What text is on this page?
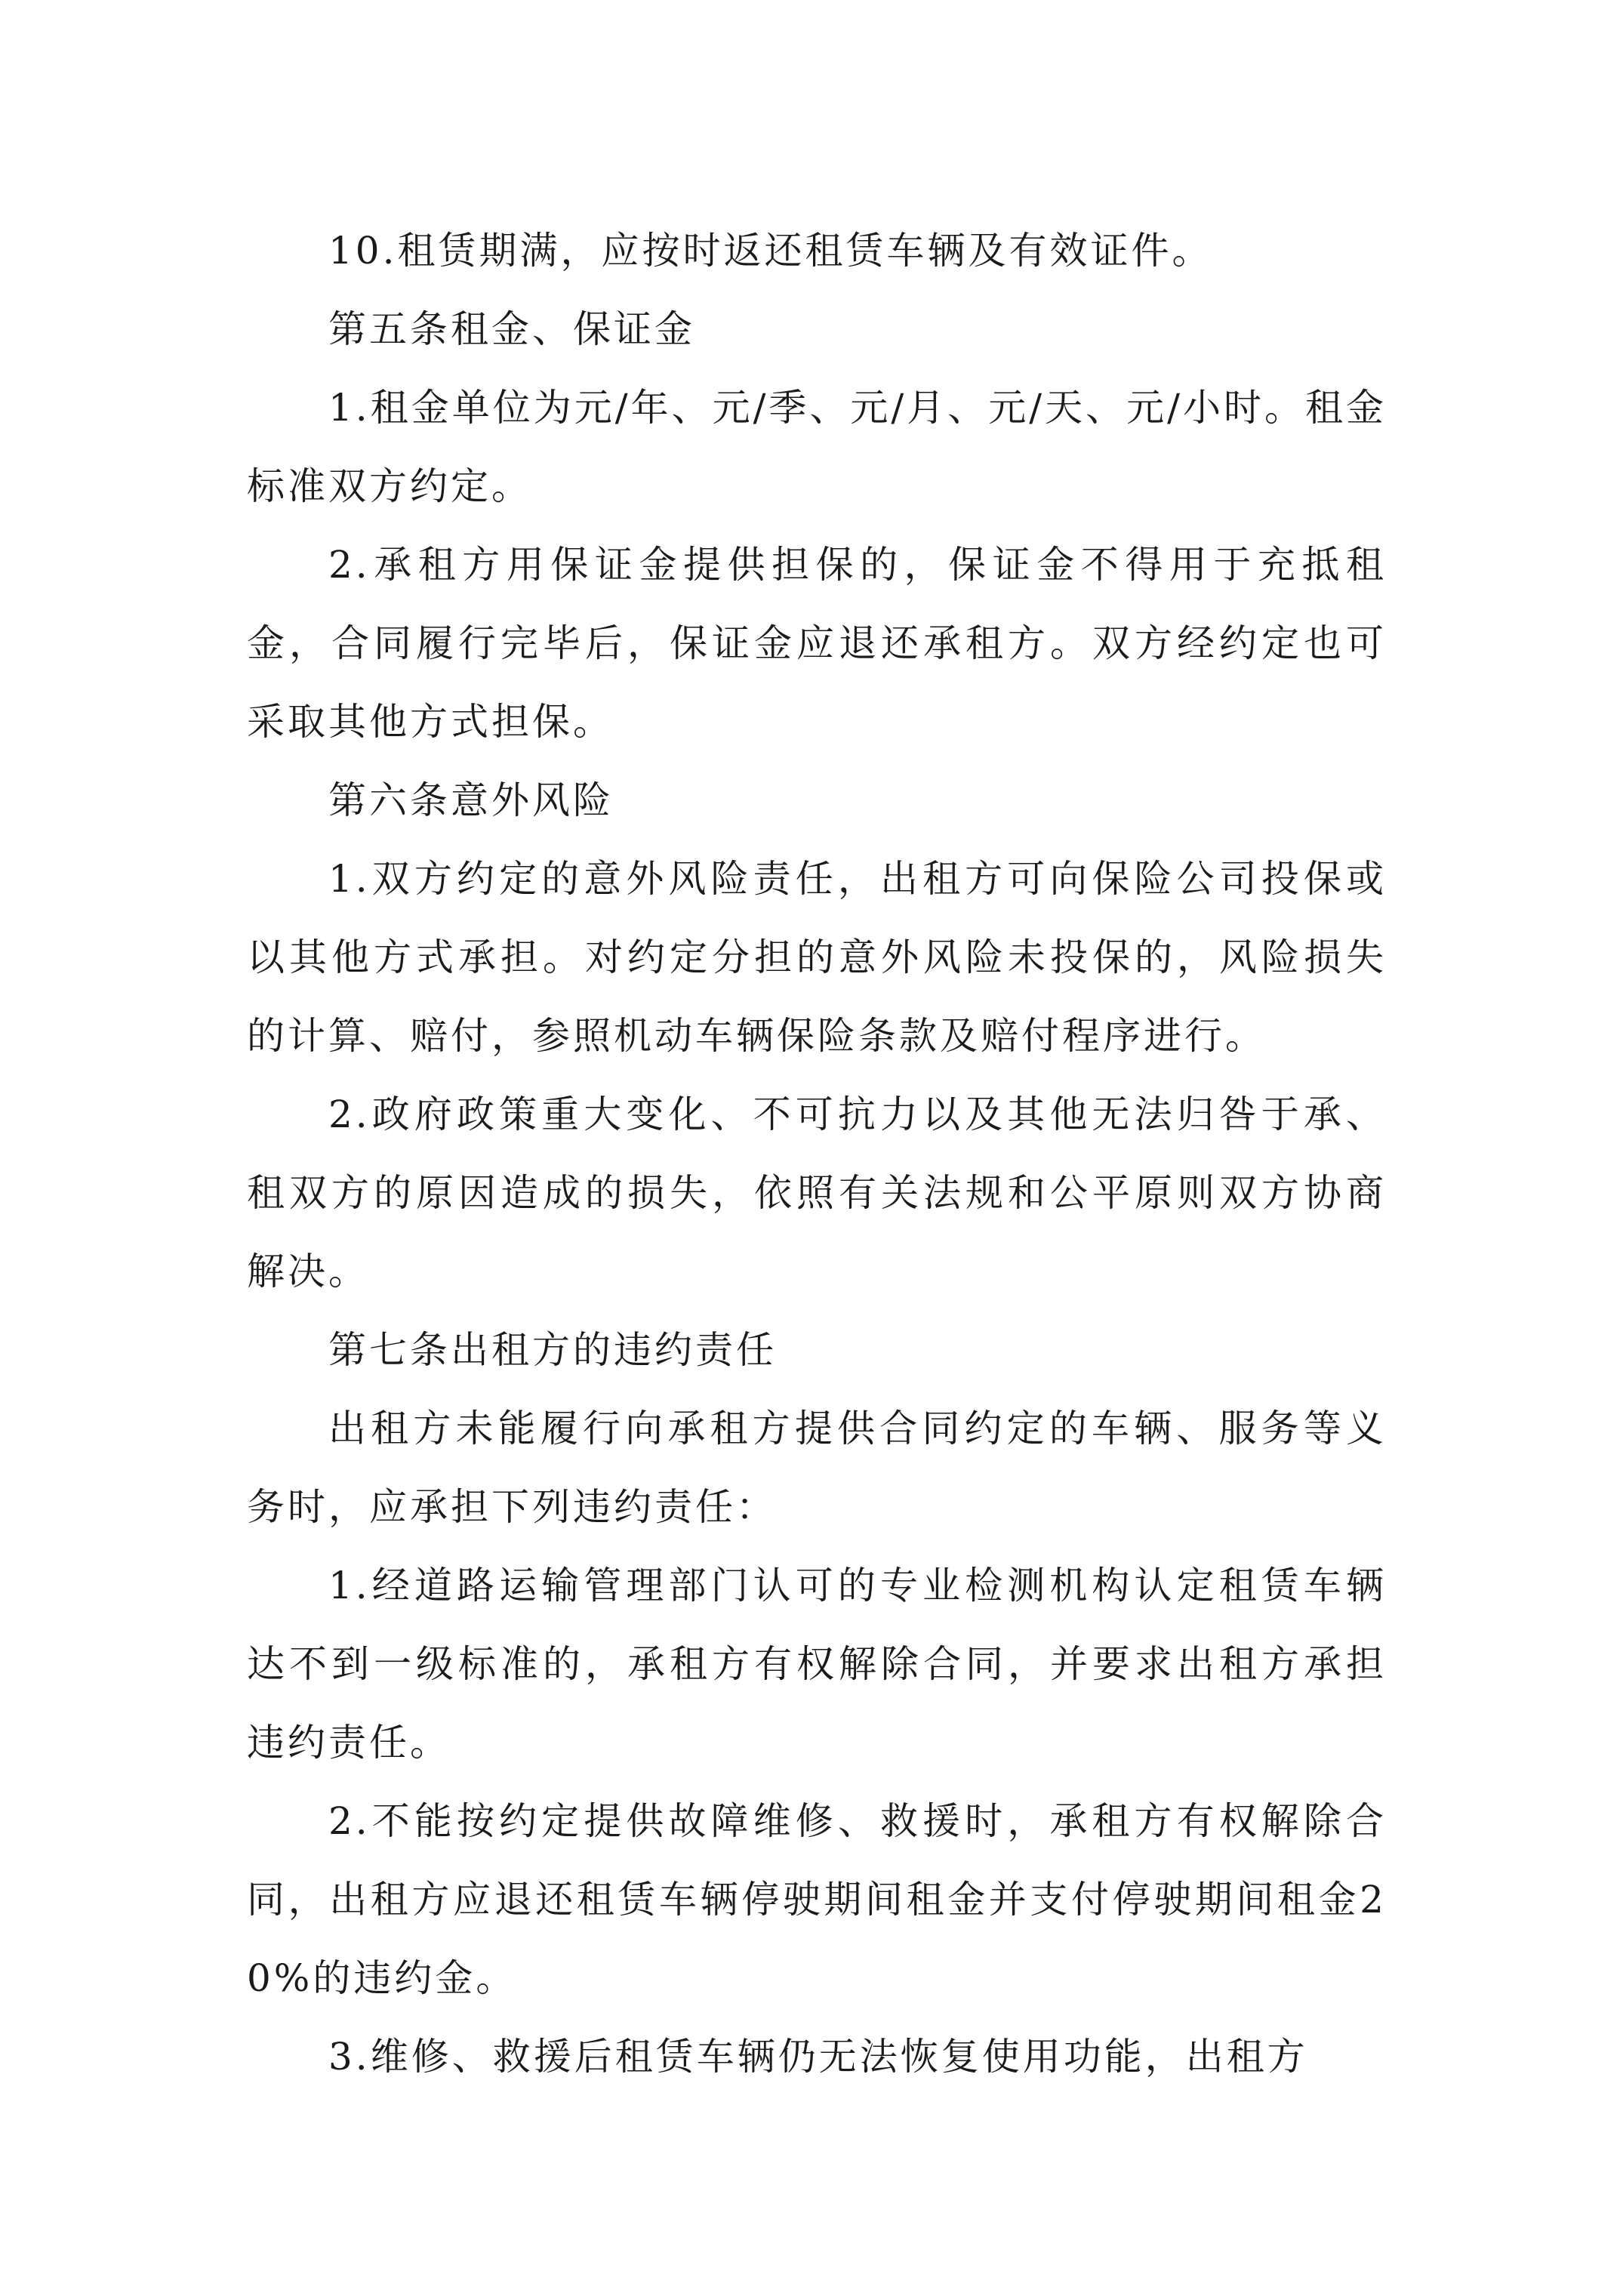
10.租赁期满，应按时返还租赁车辆及有效证件。

第五条租金、保证金

1.租金单位为元/年、元/季、元/月、元/天、元/小时。租金标准双方约定。

2.承租方用保证金提供担保的，保证金不得用于充抵租金，合同履行完毕后，保证金应退还承租方。双方经约定也可采取其他方式担保。

第六条意外风险

1.双方约定的意外风险责任，出租方可向保险公司投保或以其他方式承担。对约定分担的意外风险未投保的，风险损失的计算、赔付，参照机动车辆保险条款及赔付程序进行。

2.政府政策重大变化、不可抗力以及其他无法归咎于承、租双方的原因造成的损失，依照有关法规和公平原则双方协商解决。

第七条出租方的违约责任

出租方未能履行向承租方提供合同约定的车辆、服务等义务时，应承担下列违约责任：

1.经道路运输管理部门认可的专业检测机构认定租赁车辆达不到一级标准的，承租方有权解除合同，并要求出租方承担违约责任。

2.不能按约定提供故障维修、救援时，承租方有权解除合同，出租方应退还租赁车辆停驶期间租金并支付停驶期间租金20%的违约金。

3.维修、救援后租赁车辆仍无法恢复使用功能，出租方
